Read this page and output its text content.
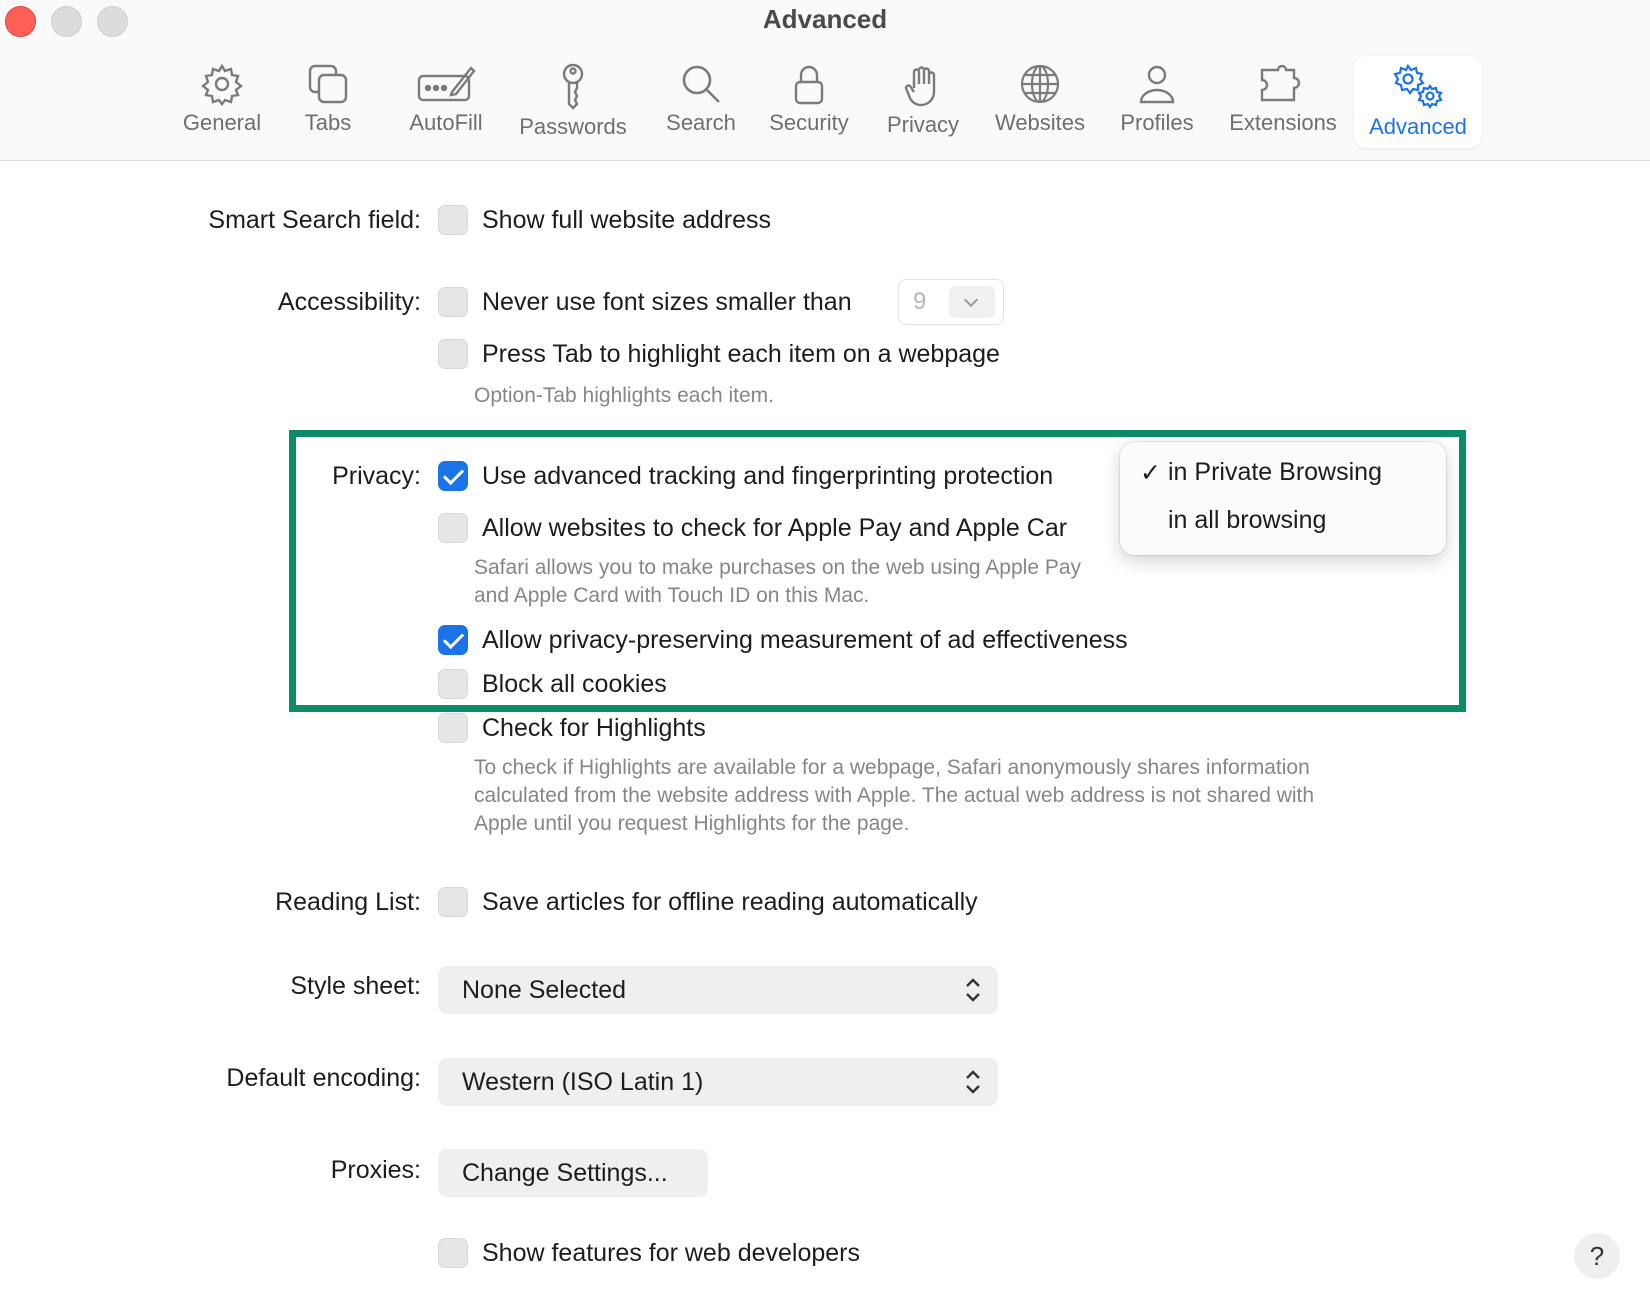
Advanced
General	Tabs	AutoFill	Passwords	Search	Security	Privacy	Websites	Profiles	Extensions	Advanced
Smart Search field: Show full website address
Accessibility: Never use font sizes smaller than	9
Press Tab to highlight each item on a webpage
Option-Tab highlights each item.
Privacy: Use advanced tracking and fingerprinting protection
Allow websites to check for Apple Pay and Apple Car
Safari allows you to make purchases on the web using Apple Pay
and Apple Card with Touch ID on this Mac.
Allow privacy-preserving measurement of ad effectiveness
Block all cookies
Check for Highlights
To check if Highlights are available for a webpage, Safari anonymously shares information
calculated from the website address with Apple. The actual web address is not shared with
Apple until you request Highlights for the page.
Reading List: Save articles for offline reading automatically
Style sheet: None Selected
Default encoding: Western (ISO Latin 1)
Proxies: Change Settings...
Show features for web developers	?
✓ in Private Browsing
in all browsing
